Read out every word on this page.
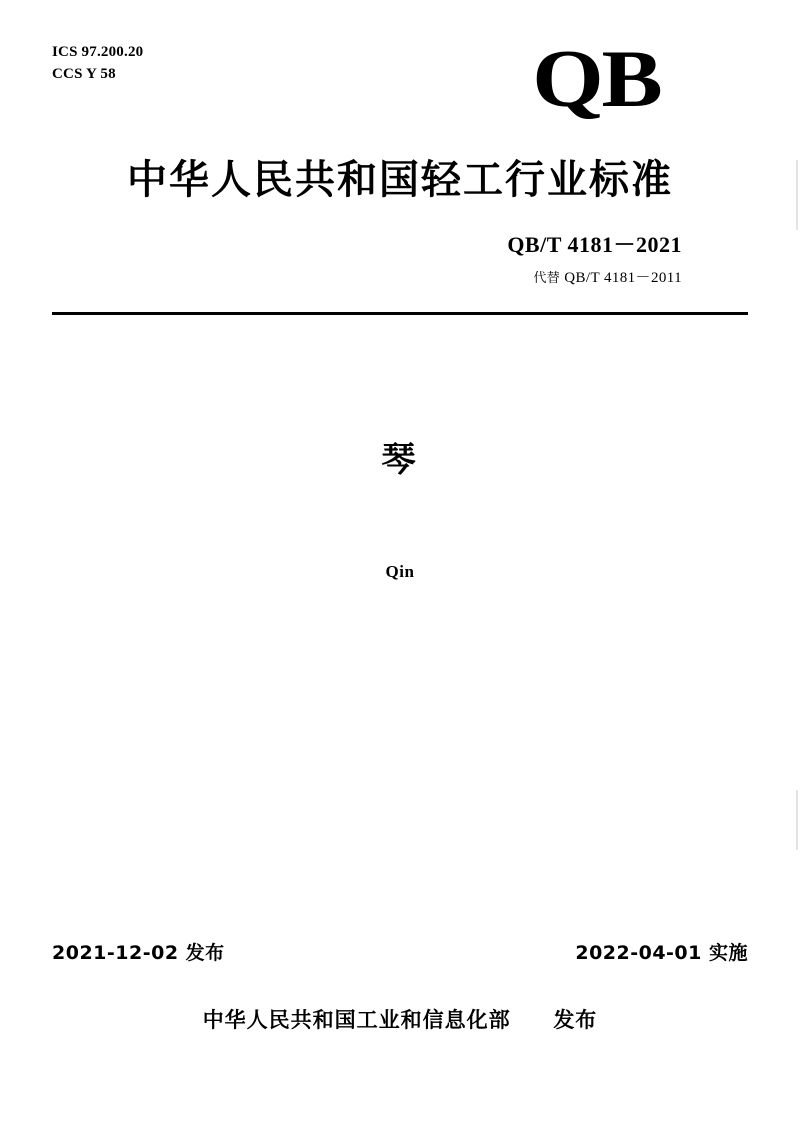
ICS 97.200.20
CCS Y 58	QB
中华人民共和国轻工行业标准
QB/T 4181－2021
代替 QB/T 4181－2011
琴
Qin
2021-12-02 发布	2022-04-01 实施
中华人民共和国工业和信息化部 发布
